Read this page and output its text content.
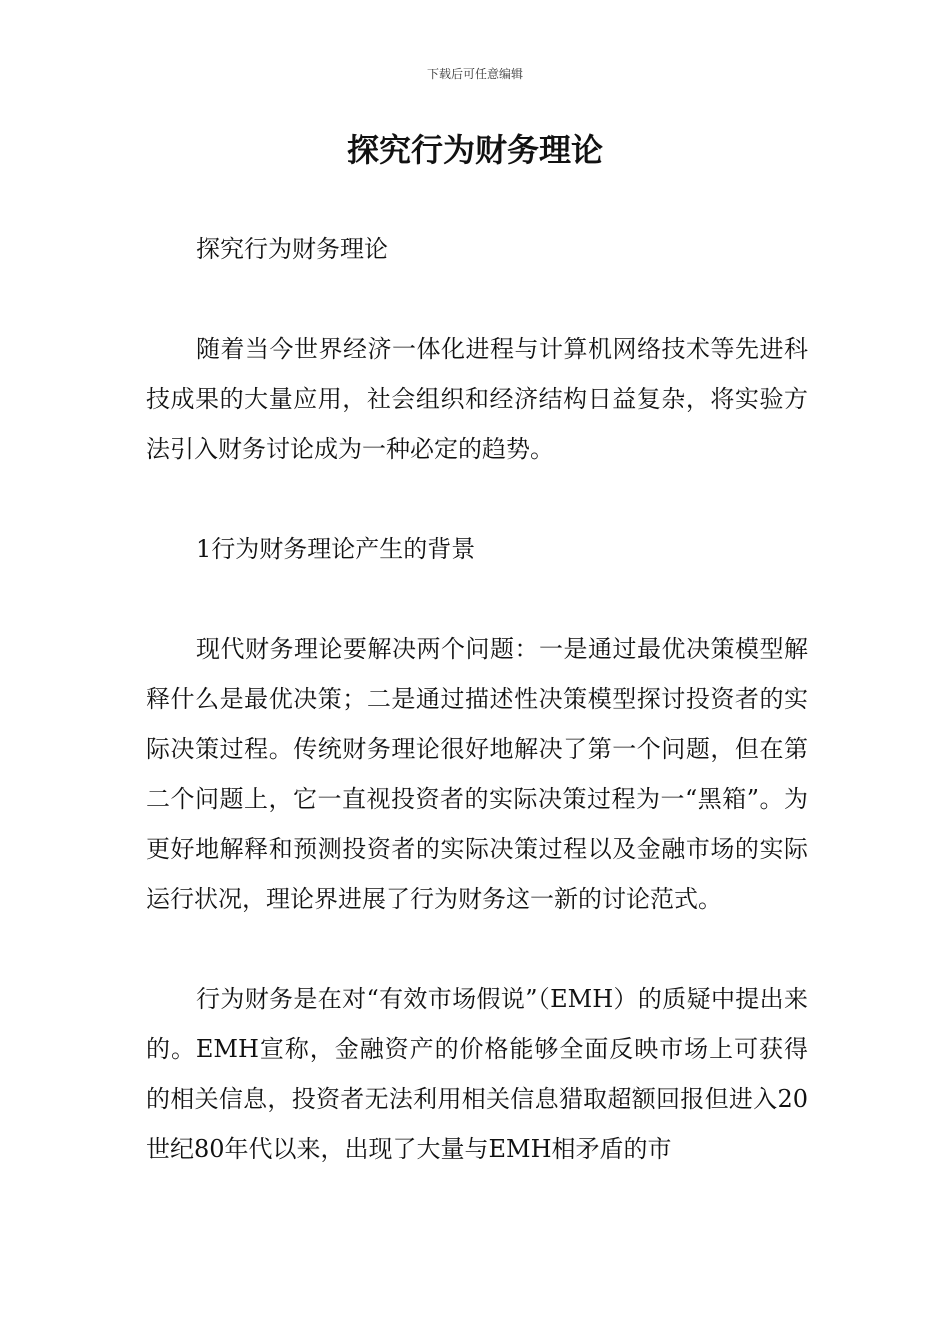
下载后可任意编辑
探究行为财务理论

探究行为财务理论

随着当今世界经济一体化进程与计算机网络技术等先进科技成果的大量应用，社会组织和经济结构日益复杂，将实验方法引入财务讨论成为一种必定的趋势。

1行为财务理论产生的背景

现代财务理论要解决两个问题：一是通过最优决策模型解释什么是最优决策；二是通过描述性决策模型探讨投资者的实际决策过程。传统财务理论很好地解决了第一个问题，但在第二个问题上，它一直视投资者的实际决策过程为一“黑箱”。为更好地解释和预测投资者的实际决策过程以及金融市场的实际运行状况，理论界进展了行为财务这一新的讨论范式。

行为财务是在对“有效市场假说”（EMH）的质疑中提出来的。EMH宣称，金融资产的价格能够全面反映市场上可获得的相关信息，投资者无法利用相关信息猎取超额回报但进入20世纪80年代以来，出现了大量与EMH相矛盾的市
